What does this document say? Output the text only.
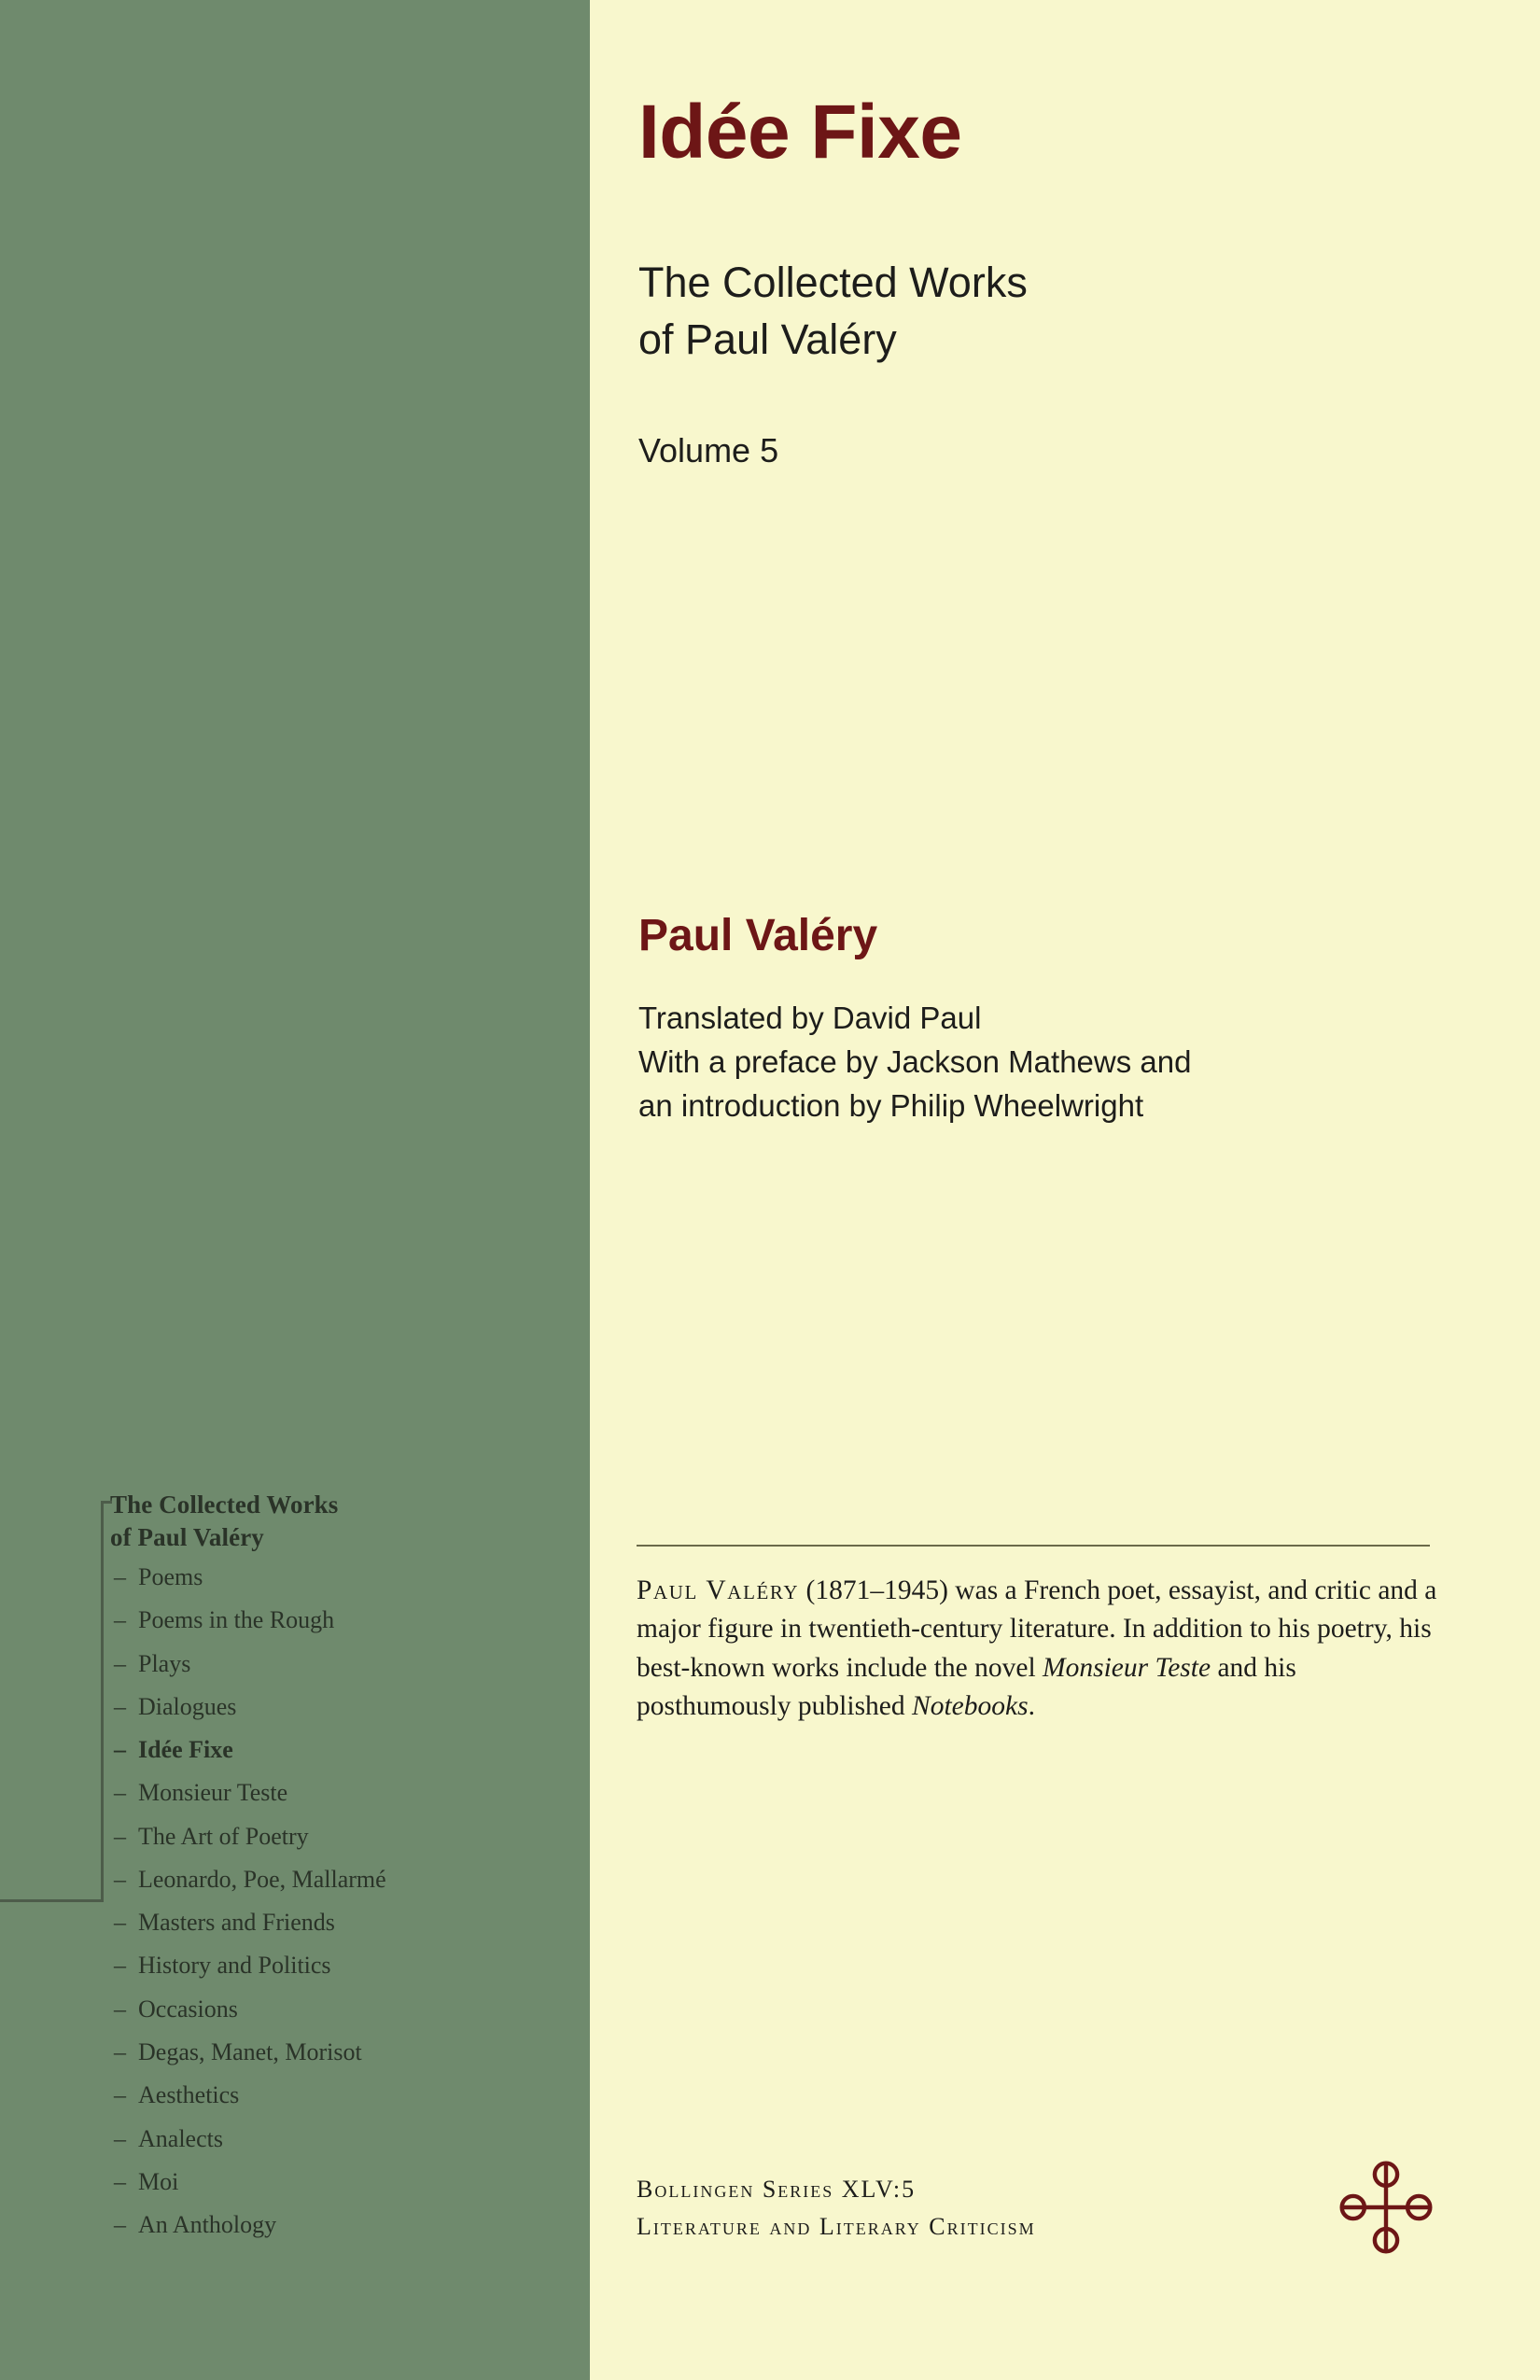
The Collected Works
of Paul Valéry
– Poems
– Poems in the Rough
– Plays
– Dialogues
– Idée Fixe
– Monsieur Teste
– The Art of Poetry
– Leonardo, Poe, Mallarmé
– Masters and Friends
– History and Politics
– Occasions
– Degas, Manet, Morisot
– Aesthetics
– Analects
– Moi
– An Anthology
Idée Fixe
The Collected Works
of Paul Valéry
Volume 5
Paul Valéry
Translated by David Paul
With a preface by Jackson Mathews and
an introduction by Philip Wheelwright
Paul Valéry (1871–1945) was a French poet, essayist, and critic and a major figure in twentieth-century literature. In addition to his poetry, his best-known works include the novel Monsieur Teste and his posthumously published Notebooks.
Bollingen Series XLV:5
Literature and Literary Criticism
